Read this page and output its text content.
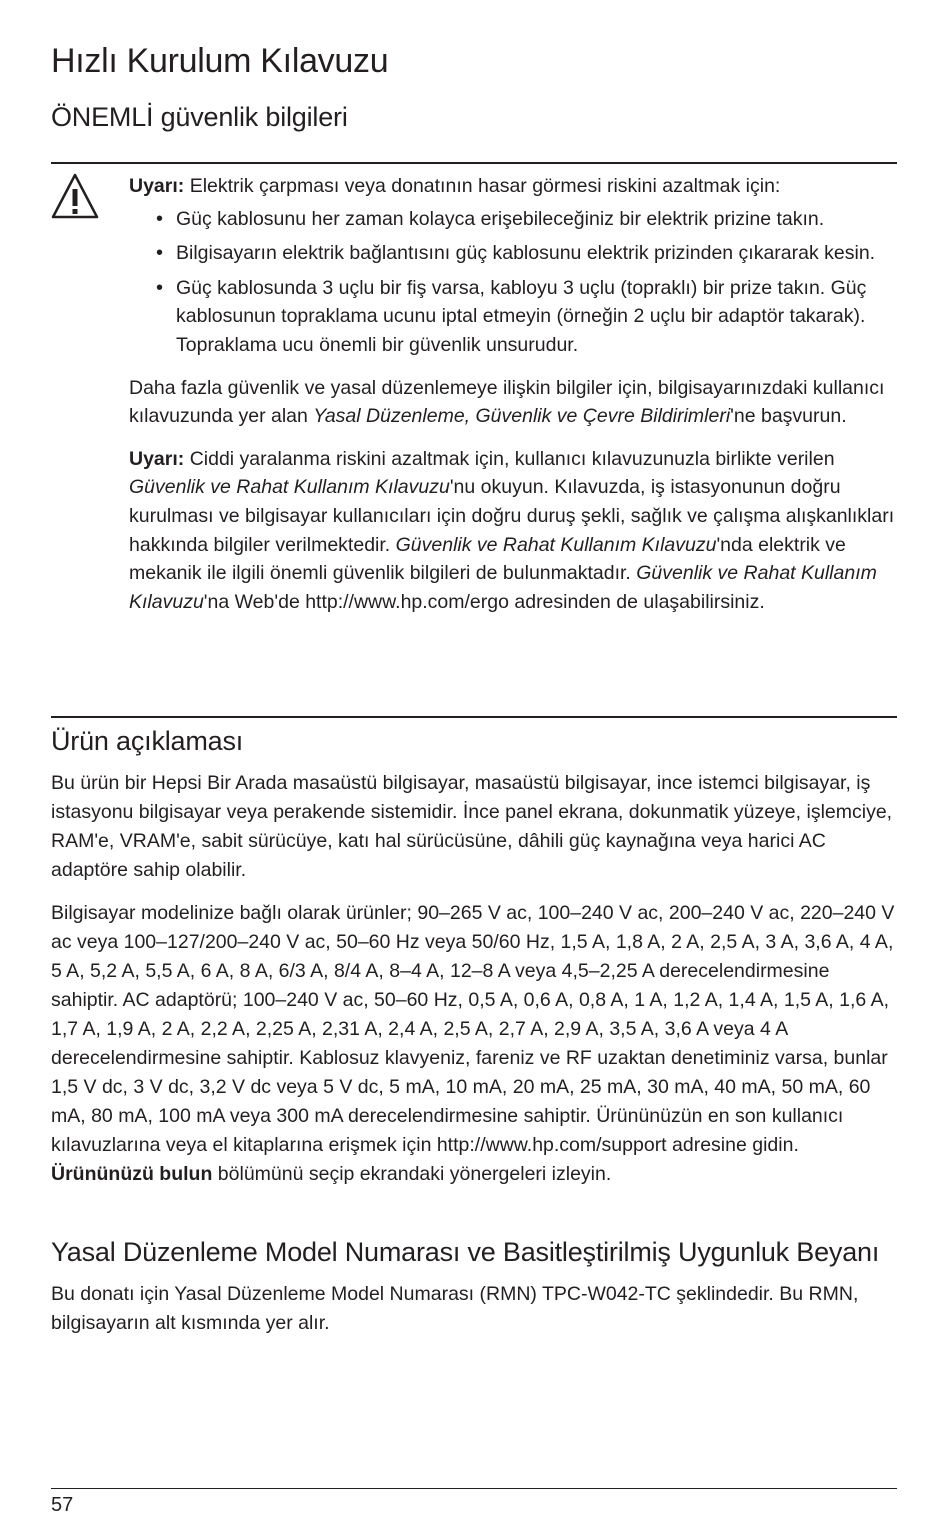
Hızlı Kurulum Kılavuzu
ÖNEMLİ güvenlik bilgileri

Uyarı: Elektrik çarpması veya donatının hasar görmesi riskini azaltmak için:

• Güç kablosunu her zaman kolayca erişebileceğiniz bir elektrik prizine takın.
• Bilgisayarın elektrik bağlantısını güç kablosunu elektrik prizinden çıkararak kesin.
• Güç kablosunda 3 uçlu bir fiş varsa, kabloyu 3 uçlu (topraklı) bir prize takın. Güç kablosunun topraklama ucunu iptal etmeyin (örneğin 2 uçlu bir adaptör takarak). Topraklama ucu önemli bir güvenlik unsurudur.

Daha fazla güvenlik ve yasal düzenlemeye ilişkin bilgiler için, bilgisayarınızdaki kullanıcı kılavuzunda yer alan Yasal Düzenleme, Güvenlik ve Çevre Bildirimleri'ne başvurun.

Uyarı: Ciddi yaralanma riskini azaltmak için, kullanıcı kılavuzunuzla birlikte verilen Güvenlik ve Rahat Kullanım Kılavuzu'nu okuyun. Kılavuzda, iş istasyonunun doğru kurulması ve bilgisayar kullanıcıları için doğru duruş şekli, sağlık ve çalışma alışkanlıkları hakkında bilgiler verilmektedir. Güvenlik ve Rahat Kullanım Kılavuzu'nda elektrik ve mekanik ile ilgili önemli güvenlik bilgileri de bulunmaktadır. Güvenlik ve Rahat Kullanım Kılavuzu'na Web'de http://www.hp.com/ergo adresinden de ulaşabilirsiniz.

Ürün açıklaması

Bu ürün bir Hepsi Bir Arada masaüstü bilgisayar, masaüstü bilgisayar, ince istemci bilgisayar, iş istasyonu bilgisayar veya perakende sistemidir. İnce panel ekrana, dokunmatik yüzeye, işlemciye, RAM'e, VRAM'e, sabit sürücüye, katı hal sürücüsüne, dâhili güç kaynağına veya harici AC adaptöre sahip olabilir.

Bilgisayar modelinize bağlı olarak ürünler; 90–265 V ac, 100–240 V ac, 200–240 V ac, 220–240 V ac veya 100–127/200–240 V ac, 50–60 Hz veya 50/60 Hz, 1,5 A, 1,8 A, 2 A, 2,5 A, 3 A, 3,6 A, 4 A, 5 A, 5,2 A, 5,5 A, 6 A, 8 A, 6/3 A, 8/4 A, 8–4 A, 12–8 A veya 4,5–2,25 A derecelendirmesine sahiptir. AC adaptörü; 100–240 V ac, 50–60 Hz, 0,5 A, 0,6 A, 0,8 A, 1 A, 1,2 A, 1,4 A, 1,5 A, 1,6 A, 1,7 A, 1,9 A, 2 A, 2,2 A, 2,25 A, 2,31 A, 2,4 A, 2,5 A, 2,7 A, 2,9 A, 3,5 A, 3,6 A veya 4 A derecelendirmesine sahiptir. Kablosuz klavyeniz, fareniz ve RF uzaktan denetiminiz varsa, bunlar 1,5 V dc, 3 V dc, 3,2 V dc veya 5 V dc, 5 mA, 10 mA, 20 mA, 25 mA, 30 mA, 40 mA, 50 mA, 60 mA, 80 mA, 100 mA veya 300 mA derecelendirmesine sahiptir. Ürününüzün en son kullanıcı kılavuzlarına veya el kitaplarına erişmek için http://www.hp.com/support adresine gidin. Ürününüzü bulun bölümünü seçip ekrandaki yönergeleri izleyin.

Yasal Düzenleme Model Numarası ve Basitleştirilmiş Uygunluk Beyanı

Bu donatı için Yasal Düzenleme Model Numarası (RMN) TPC-W042-TC şeklindedir. Bu RMN, bilgisayarın alt kısmında yer alır.

57
